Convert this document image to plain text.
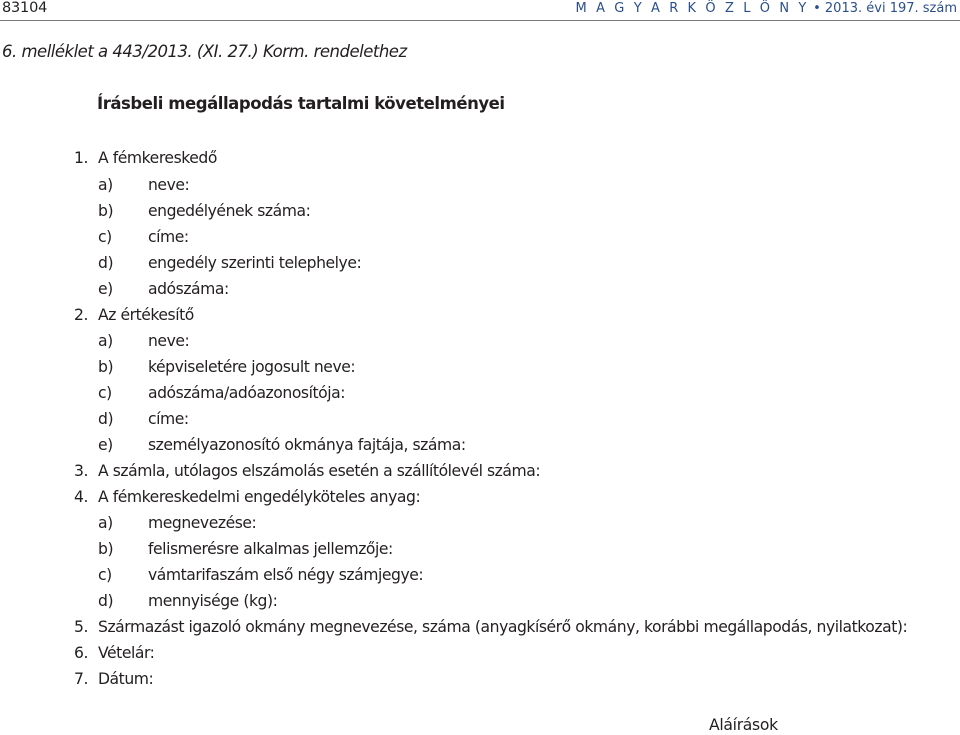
83104	M A G Y A R K Ö Z L Ö N Y • 2013. évi 197. szám
6. melléklet a 443/2013. (XI. 27.) Korm. rendelethez
Írásbeli megállapodás tartalmi követelményei
1. A fémkereskedő
a) neve:
b) engedélyének száma:
c) címe:
d) engedély szerinti telephelye:
e) adószáma:
2. Az értékesítő
a) neve:
b) képviseletére jogosult neve:
c) adószáma/adóazonosítója:
d) címe:
e) személyazonosító okmánya fajtája, száma:
3. A számla, utólagos elszámolás esetén a szállítólevél száma:
4. A fémkereskedelmi engedélyköteles anyag:
a) megnevezése:
b) felismerésre alkalmas jellemzője:
c) vámtarifaszám első négy számjegye:
d) mennyisége (kg):
5. Származást igazoló okmány megnevezése, száma (anyagkísérő okmány, korábbi megállapodás, nyilatkozat):
6. Vételár:
7. Dátum:
Aláírások
